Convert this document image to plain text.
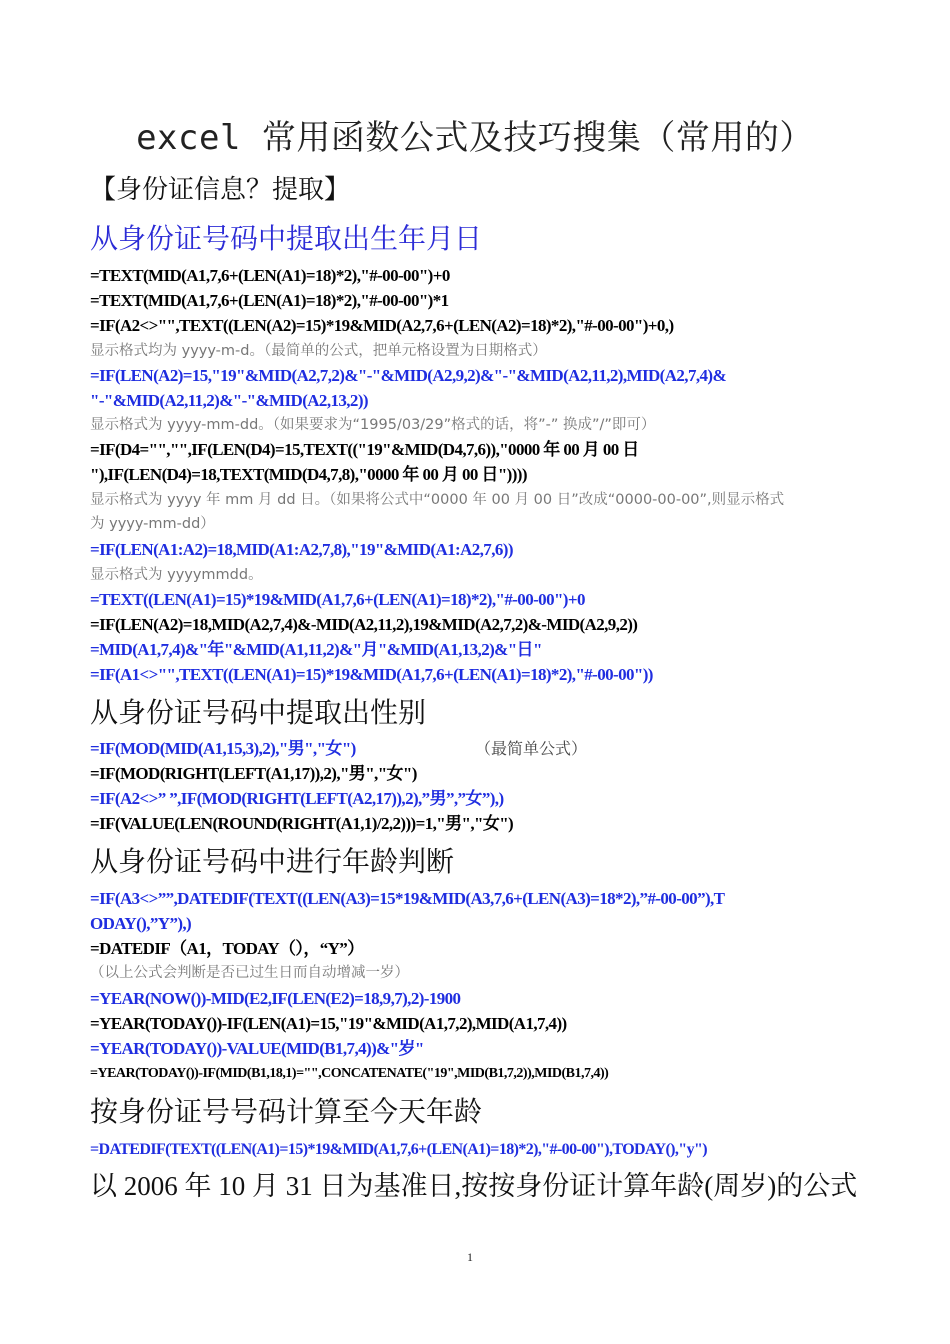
excel 常用函数公式及技巧搜集（常用的）
【身份证信息？提取】
从身份证号码中提取出生年月日
=TEXT(MID(A1,7,6+(LEN(A1)=18)*2),"#-00-00")+0
=TEXT(MID(A1,7,6+(LEN(A1)=18)*2),"#-00-00")*1
=IF(A2<>"",TEXT((LEN(A2)=15)*19&MID(A2,7,6+(LEN(A2)=18)*2),"#-00-00")+0,)
显示格式均为 yyyy-m-d。（最简单的公式，把单元格设置为日期格式）
=IF(LEN(A2)=15,"19"&MID(A2,7,2)&"-"&MID(A2,9,2)&"-"&MID(A2,11,2),MID(A2,7,4)&
"-"&MID(A2,11,2)&"-"&MID(A2,13,2))
显示格式为 yyyy-mm-dd。（如果要求为“1995/03/29”格式的话，将”-” 换成”/”即可）
=IF(D4="","",IF(LEN(D4)=15,TEXT(("19"&MID(D4,7,6)),"0000 年 00 月 00 日
"),IF(LEN(D4)=18,TEXT(MID(D4,7,8),"0000 年 00 月 00 日"))))
显示格式为 yyyy 年 mm 月 dd 日。（如果将公式中“0000 年 00 月 00 日”改成“0000-00-00”,则显示格式
为 yyyy-mm-dd）
=IF(LEN(A1:A2)=18,MID(A1:A2,7,8),"19"&MID(A1:A2,7,6))
显示格式为 yyyymmdd。
=TEXT((LEN(A1)=15)*19&MID(A1,7,6+(LEN(A1)=18)*2),"#-00-00")+0
=IF(LEN(A2)=18,MID(A2,7,4)&-MID(A2,11,2),19&MID(A2,7,2)&-MID(A2,9,2))
=MID(A1,7,4)&"年"&MID(A1,11,2)&"月"&MID(A1,13,2)&"日"
=IF(A1<>"",TEXT((LEN(A1)=15)*19&MID(A1,7,6+(LEN(A1)=18)*2),"#-00-00"))
从身份证号码中提取出性别
=IF(MOD(MID(A1,15,3),2),"男","女")	（最简单公式）
=IF(MOD(RIGHT(LEFT(A1,17)),2),"男","女")
=IF(A2<>” ”,IF(MOD(RIGHT(LEFT(A2,17)),2),”男”,”女”),)
=IF(VALUE(LEN(ROUND(RIGHT(A1,1)/2,2)))=1,"男","女")
从身份证号码中进行年龄判断
=IF(A3<>””,DATEDIF(TEXT((LEN(A3)=15*19&MID(A3,7,6+(LEN(A3)=18*2),”#-00-00”),T
ODAY(),”Y”),)
=DATEDIF（A1，TODAY（），“Y”）
（以上公式会判断是否已过生日而自动增减一岁）
=YEAR(NOW())-MID(E2,IF(LEN(E2)=18,9,7),2)-1900
=YEAR(TODAY())-IF(LEN(A1)=15,"19"&MID(A1,7,2),MID(A1,7,4))
=YEAR(TODAY())-VALUE(MID(B1,7,4))&"岁"
=YEAR(TODAY())-IF(MID(B1,18,1)="",CONCATENATE("19",MID(B1,7,2)),MID(B1,7,4))
按身份证号号码计算至今天年龄
=DATEDIF(TEXT((LEN(A1)=15)*19&MID(A1,7,6+(LEN(A1)=18)*2),"#-00-00"),TODAY(),"y")
以 2006 年 10 月 31 日为基准日,按按身份证计算年龄(周岁)的公式
1
